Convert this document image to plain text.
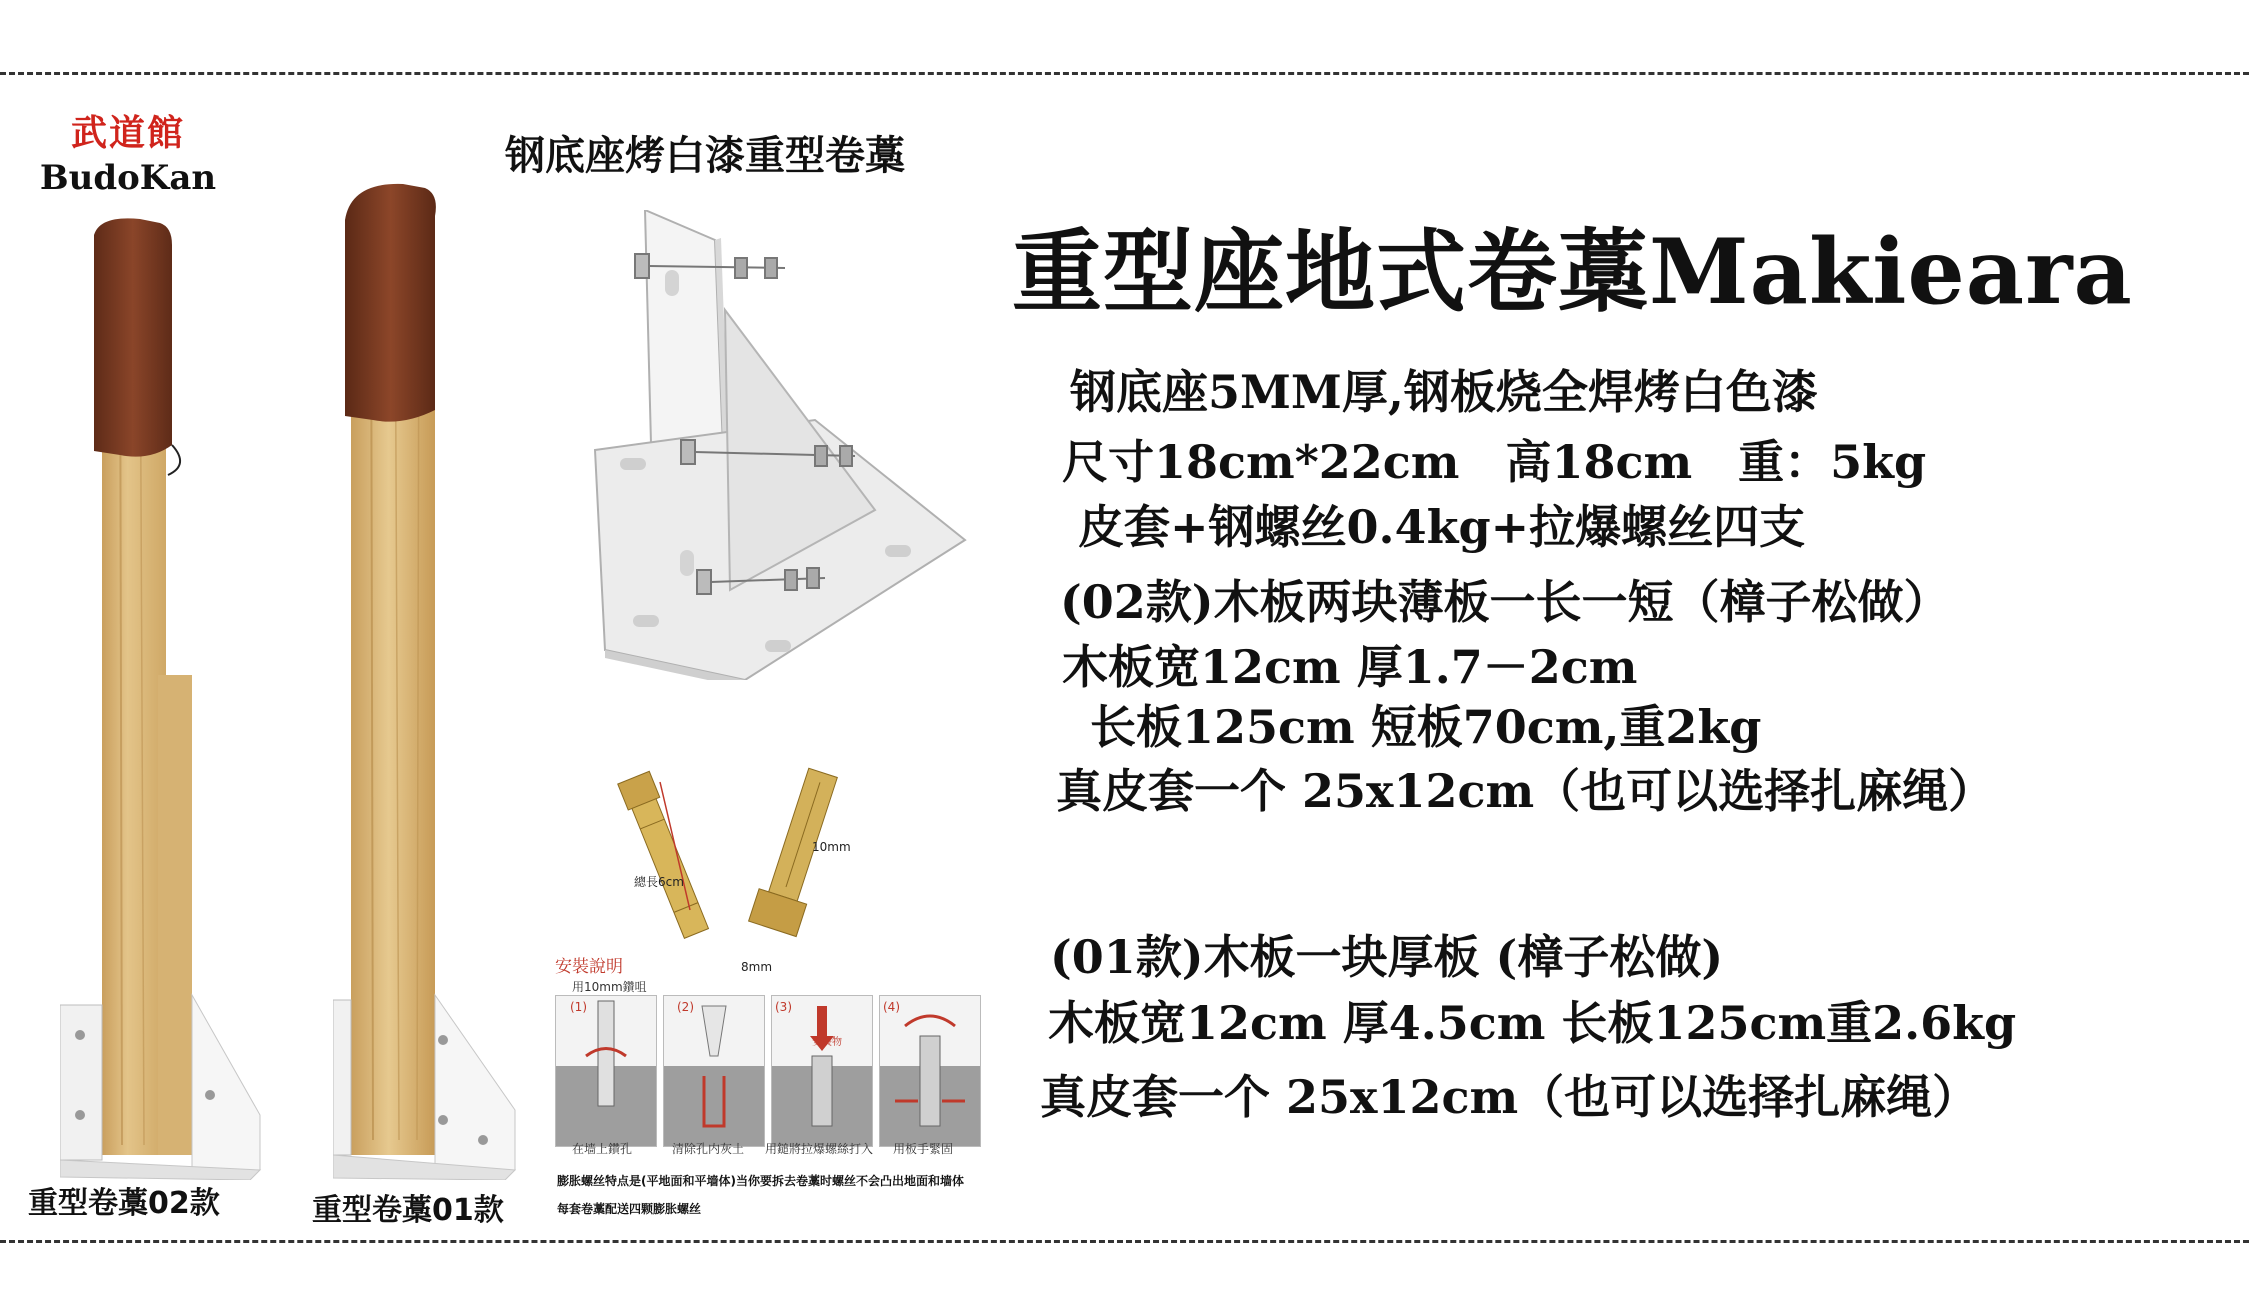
武道館
BudoKan
重型卷藁02款	重型卷藁01款
钢底座烤白漆重型卷藁
總長6cm
10mm
8mm
安裝說明
用10mm鑽咀
(1)	(2)	(3)
安裝物
(4)
在墙上鑽孔	清除孔内灰土 用鎚將拉爆螺絲打入 用板手緊固
膨胀螺丝特点是(平地面和平墙体)当你要拆去卷藁时螺丝不会凸出地面和墙体
每套卷藁配送四颗膨胀螺丝
重型座地式卷藁Makieara
钢底座5MM厚,钢板烧全焊烤白色漆
尺寸18cm*22cm　高18cm　重：5kg
皮套+钢螺丝0.4kg+拉爆螺丝四支
(02款)木板两块薄板一长一短（樟子松做）
木板宽12cm 厚1.7－2cm
长板125cm 短板70cm,重2kg
真皮套一个 25x12cm（也可以选择扎麻绳）
(01款)木板一块厚板 (樟子松做)
木板宽12cm 厚4.5cm 长板125cm重2.6kg
真皮套一个 25x12cm（也可以选择扎麻绳）
